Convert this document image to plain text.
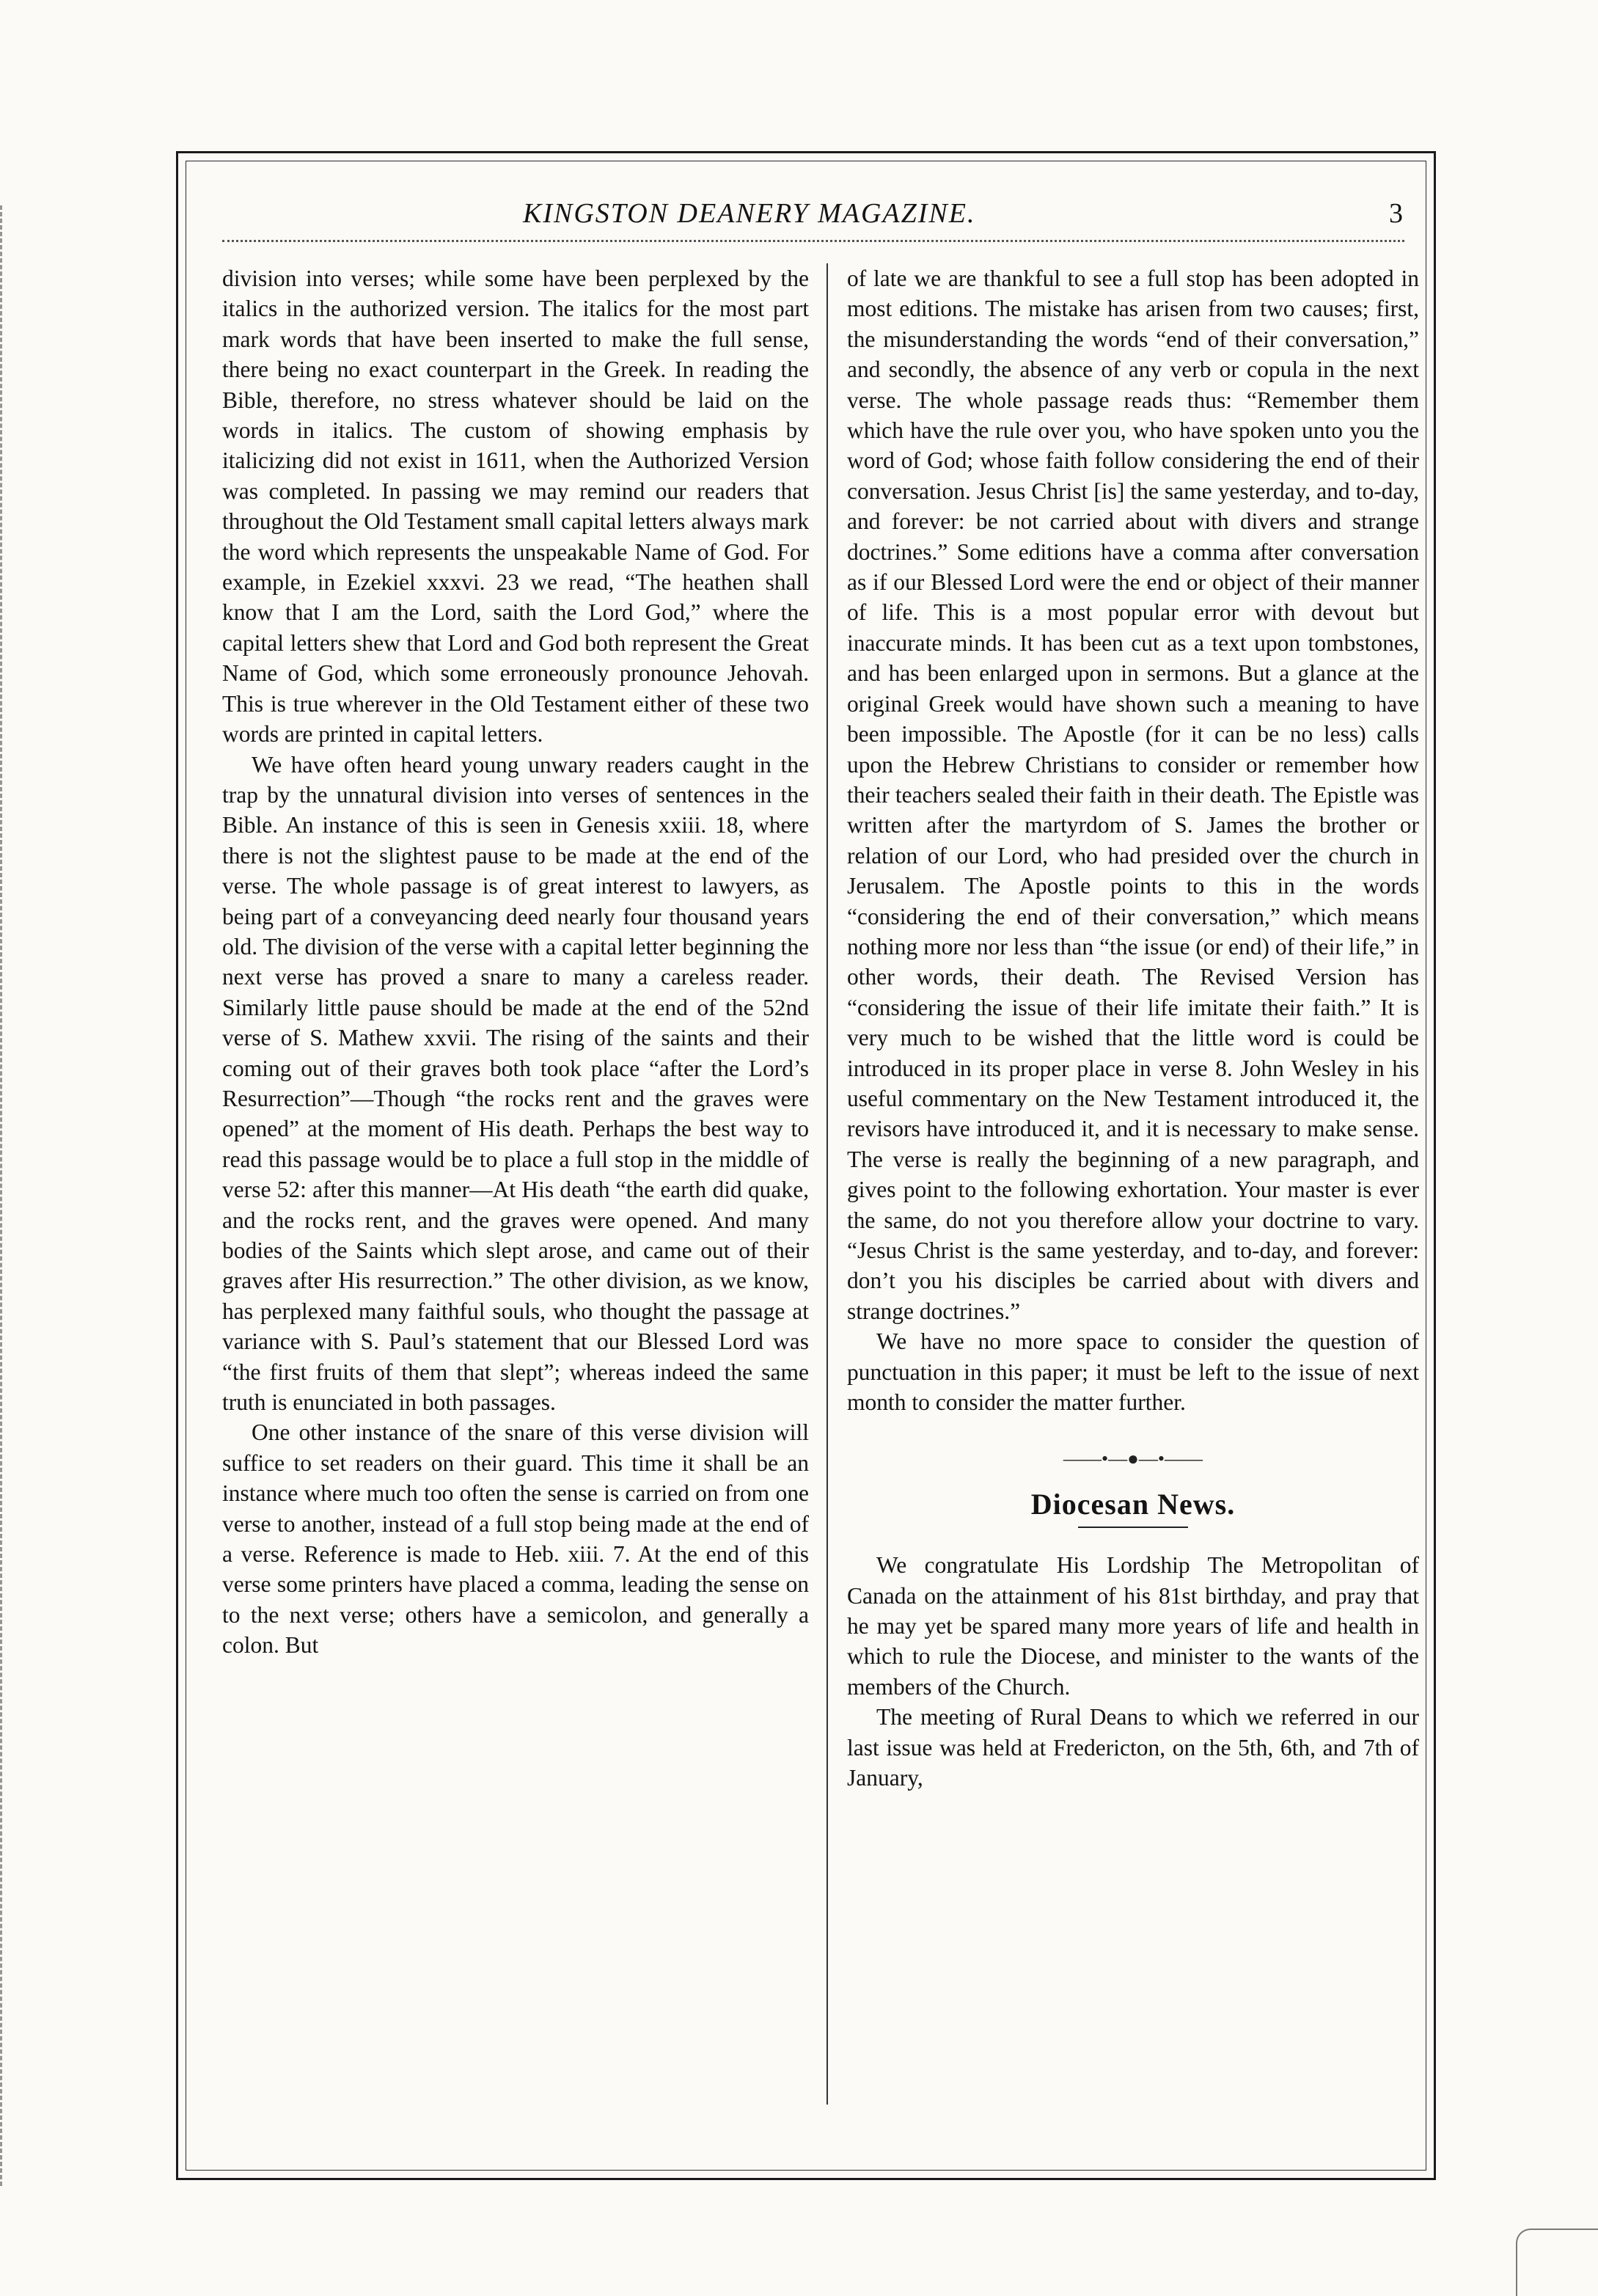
KINGSTON DEANERY MAGAZINE.	3

division into verses; while some have been perplexed by the italics in the authorized version. The italics for the most part mark words that have been inserted to make the full sense, there being no exact counterpart in the Greek. In reading the Bible, therefore, no stress whatever should be laid on the words in italics. The custom of showing emphasis by italicizing did not exist in 1611, when the Authorized Version was completed. In passing we may remind our readers that throughout the Old Testament small capital letters always mark the word which represents the unspeakable Name of God. For example, in Ezekiel xxxvi. 23 we read, “The heathen shall know that I am the Lord, saith the Lord God,” where the capital letters shew that Lord and God both represent the Great Name of God, which some erroneously pronounce Jehovah. This is true wherever in the Old Testament either of these two words are printed in capital letters.

We have often heard young unwary readers caught in the trap by the unnatural division into verses of sentences in the Bible. An instance of this is seen in Genesis xxiii. 18, where there is not the slightest pause to be made at the end of the verse. The whole passage is of great interest to lawyers, as being part of a conveyancing deed nearly four thousand years old. The division of the verse with a capital letter beginning the next verse has proved a snare to many a careless reader. Similarly little pause should be made at the end of the 52nd verse of S. Mathew xxvii. The rising of the saints and their coming out of their graves both took place “after the Lord’s Resurrection”—Though “the rocks rent and the graves were opened” at the moment of His death. Perhaps the best way to read this passage would be to place a full stop in the middle of verse 52: after this manner—At His death “the earth did quake, and the rocks rent, and the graves were opened. And many bodies of the Saints which slept arose, and came out of their graves after His resurrection.” The other division, as we know, has perplexed many faithful souls, who thought the passage at variance with S. Paul’s statement that our Blessed Lord was “the first fruits of them that slept”; whereas indeed the same truth is enunciated in both passages.

One other instance of the snare of this verse division will suffice to set readers on their guard. This time it shall be an instance where much too often the sense is carried on from one verse to another, instead of a full stop being made at the end of a verse. Reference is made to Heb. xiii. 7. At the end of this verse some printers have placed a comma, leading the sense on to the next verse; others have a semicolon, and generally a colon. But

of late we are thankful to see a full stop has been adopted in most editions. The mistake has arisen from two causes; first, the misunderstanding the words “end of their conversation,” and secondly, the absence of any verb or copula in the next verse. The whole passage reads thus: “Remember them which have the rule over you, who have spoken unto you the word of God; whose faith follow considering the end of their conversation. Jesus Christ [is] the same yesterday, and to-day, and forever: be not carried about with divers and strange doctrines.” Some editions have a comma after conversation as if our Blessed Lord were the end or object of their manner of life. This is a most popular error with devout but inaccurate minds. It has been cut as a text upon tombstones, and has been enlarged upon in sermons. But a glance at the original Greek would have shown such a meaning to have been impossible. The Apostle (for it can be no less) calls upon the Hebrew Christians to consider or remember how their teachers sealed their faith in their death. The Epistle was written after the martyrdom of S. James the brother or relation of our Lord, who had presided over the church in Jerusalem. The Apostle points to this in the words “considering the end of their conversation,” which means nothing more nor less than “the issue (or end) of their life,” in other words, their death. The Revised Version has “considering the issue of their life imitate their faith.” It is very much to be wished that the little word is could be introduced in its proper place in verse 8. John Wesley in his useful commentary on the New Testament introduced it, the revisors have introduced it, and it is necessary to make sense. The verse is really the beginning of a new paragraph, and gives point to the following exhortation. Your master is ever the same, do not you therefore allow your doctrine to vary. “Jesus Christ is the same yesterday, and to-day, and forever: don’t you his disciples be carried about with divers and strange doctrines.”

We have no more space to consider the question of punctuation in this paper; it must be left to the issue of next month to consider the matter further.

——•—●—•——
Diocesan News.

We congratulate His Lordship The Metropolitan of Canada on the attainment of his 81st birthday, and pray that he may yet be spared many more years of life and health in which to rule the Diocese, and minister to the wants of the members of the Church.

The meeting of Rural Deans to which we referred in our last issue was held at Fredericton, on the 5th, 6th, and 7th of January,
